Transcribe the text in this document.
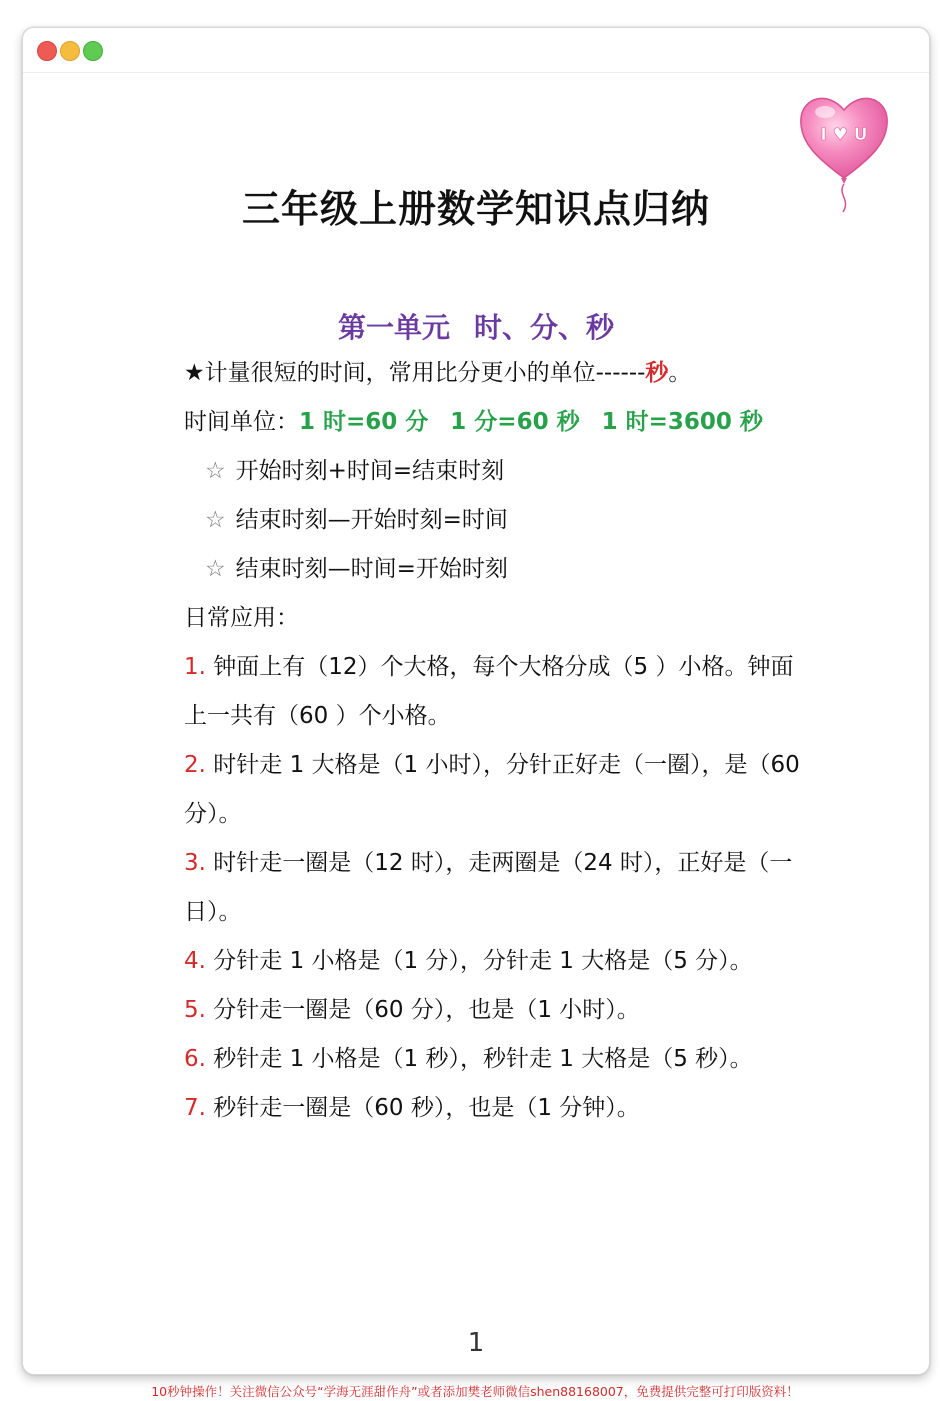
I ♥ U
三年级上册数学知识点归纳
第一单元 时、分、秒
★计量很短的时间，常用比分更小的单位------秒。
时间单位：1 时=60 分 1 分=60 秒 1 时=3600 秒
☆ 开始时刻+时间=结束时刻
☆ 结束时刻—开始时刻=时间
☆ 结束时刻—时间=开始时刻
日常应用：
1. 钟面上有（12）个大格，每个大格分成（5 ）小格。钟面
上一共有（60 ）个小格。
2. 时针走 1 大格是（1 小时），分针正好走（一圈），是（60
分）。
3. 时针走一圈是（12 时），走两圈是（24 时），正好是（一
日）。
4. 分针走 1 小格是（1 分），分针走 1 大格是（5 分）。
5. 分针走一圈是（60 分），也是（1 小时）。
6. 秒针走 1 小格是（1 秒），秒针走 1 大格是（5 秒）。
7. 秒针走一圈是（60 秒），也是（1 分钟）。
1
10秒钟操作！关注微信公众号“学海无涯甜作舟”或者添加樊老师微信shen88168007，免费提供完整可打印版资料！
